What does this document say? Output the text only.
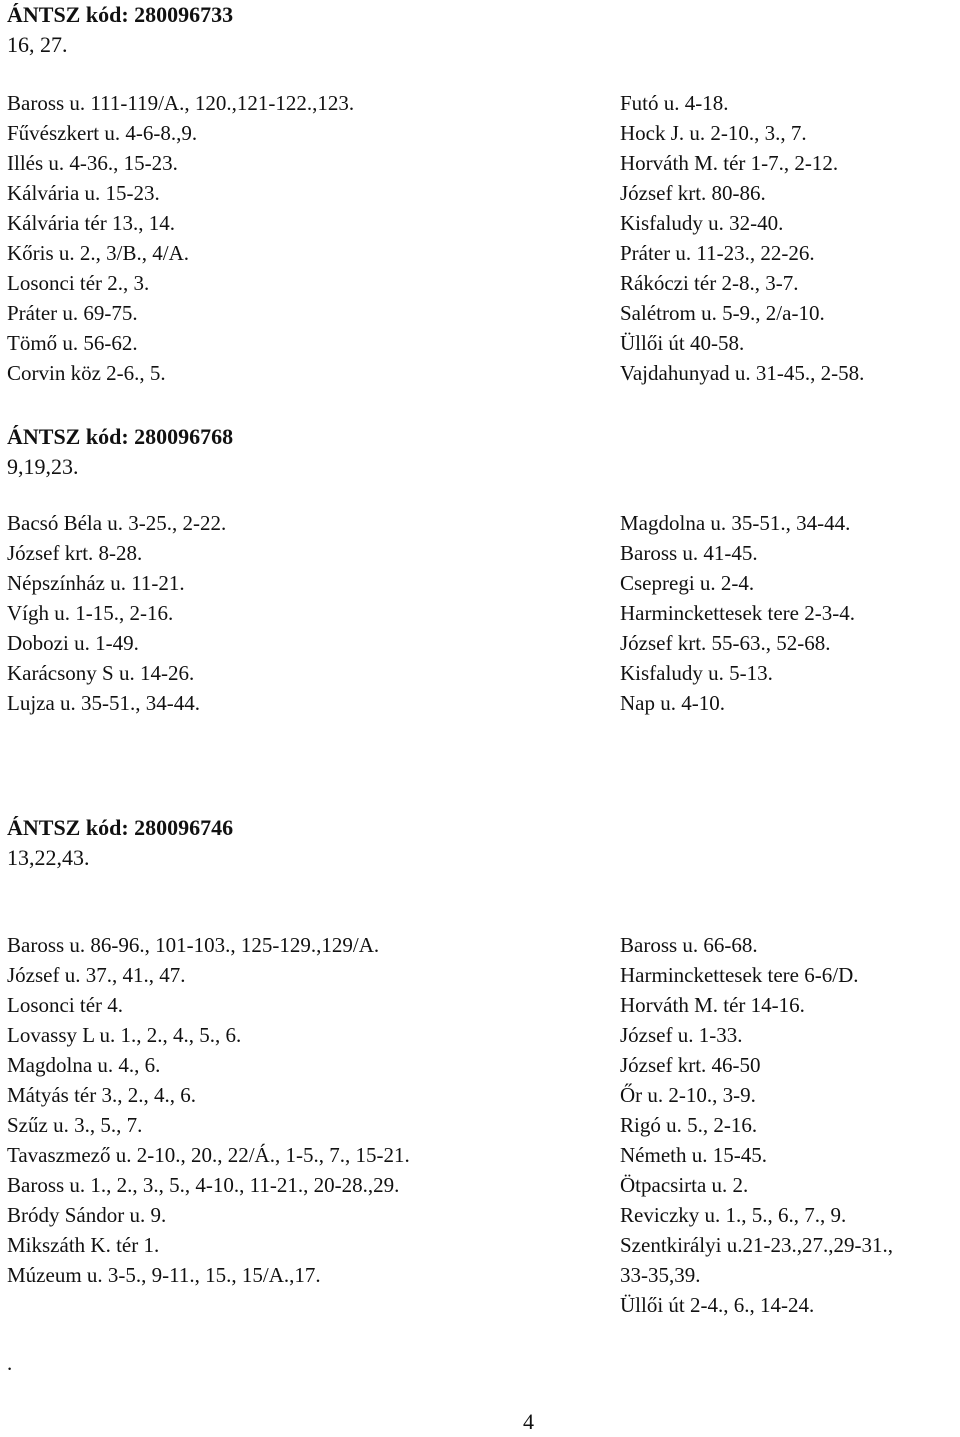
ÁNTSZ kód: 280096733
16, 27.
Baross u. 111-119/A., 120.,121-122.,123.
Fűvészkert u. 4-6-8.,9.
Illés u. 4-36., 15-23.
Kálvária u. 15-23.
Kálvária tér 13., 14.
Kőris u. 2., 3/B., 4/A.
Losonci tér 2., 3.
Práter u. 69-75.
Tömő u. 56-62.
Corvin köz 2-6., 5.
Futó u. 4-18.
Hock J. u. 2-10., 3., 7.
Horváth M. tér 1-7., 2-12.
József krt. 80-86.
Kisfaludy u. 32-40.
Práter u. 11-23., 22-26.
Rákóczi tér 2-8., 3-7.
Salétrom u. 5-9., 2/a-10.
Üllői út 40-58.
Vajdahunyad u. 31-45., 2-58.
ÁNTSZ kód: 280096768
9,19,23.
Bacsó Béla u. 3-25., 2-22.
József krt. 8-28.
Népszínház u. 11-21.
Vígh u. 1-15., 2-16.
Dobozi u. 1-49.
Karácsony S u. 14-26.
Lujza u. 35-51., 34-44.
Magdolna u. 35-51., 34-44.
Baross u. 41-45.
Csepregi u. 2-4.
Harminckettesek tere 2-3-4.
József krt. 55-63., 52-68.
Kisfaludy u. 5-13.
Nap u. 4-10.
ÁNTSZ kód: 280096746
13,22,43.
Baross u. 86-96., 101-103., 125-129.,129/A.
József u. 37., 41., 47.
Losonci tér 4.
Lovassy L u. 1., 2., 4., 5., 6.
Magdolna u. 4., 6.
Mátyás tér 3., 2., 4., 6.
Szűz u. 3., 5., 7.
Tavaszmező u. 2-10., 20., 22/Á., 1-5., 7., 15-21.
Baross u. 1., 2., 3., 5., 4-10., 11-21., 20-28.,29.
Bródy Sándor u. 9.
Mikszáth K. tér 1.
Múzeum u. 3-5., 9-11., 15., 15/A.,17.
Baross u. 66-68.
Harminckettesek tere 6-6/D.
Horváth M. tér 14-16.
József u. 1-33.
József krt. 46-50
Őr u. 2-10., 3-9.
Rigó u. 5., 2-16.
Németh u. 15-45.
Ötpacsirta u. 2.
Reviczky u. 1., 5., 6., 7., 9.
Szentkirályi u.21-23.,27.,29-31.,
33-35,39.
Üllői út 2-4., 6., 14-24.
.
4
